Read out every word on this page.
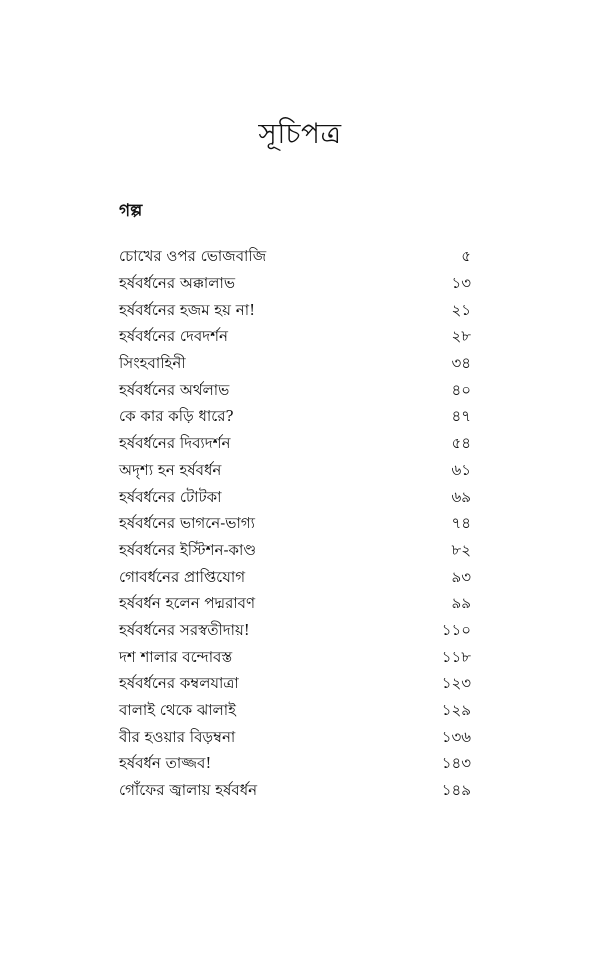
সূচিপত্র
গল্প
চোখের ওপর ভোজবাজি	৫
হর্ষবর্ধনের অক্কালাভ	১৩
হর্ষবর্ধনের হজম হয় না!	২১
হর্ষবর্ধনের দেবদর্শন	২৮
সিংহবাহিনী	৩৪
হর্ষবর্ধনের অর্থলাভ	৪০
কে কার কড়ি ধারে?	৪৭
হর্ষবর্ধনের দিব্যদর্শন	৫৪
অদৃশ্য হন হর্ষবর্ধন	৬১
হর্ষবর্ধনের টোটকা	৬৯
হর্ষবর্ধনের ভাগনে-ভাগ্য	৭৪
হর্ষবর্ধনের ইস্টিশন-কাণ্ড	৮২
গোবর্ধনের প্রাপ্তিযোগ	৯৩
হর্ষবর্ধন হলেন পদ্মরাবণ	৯৯
হর্ষবর্ধনের সরস্বতীদায়!	১১০
দশ শালার বন্দোবস্ত	১১৮
হর্ষবর্ধনের কম্বলযাত্রা	১২৩
বালাই থেকে ঝালাই	১২৯
বীর হওয়ার বিড়ম্বনা	১৩৬
হর্ষবর্ধন তাজ্জব!	১৪৩
গোঁফের জ্বালায় হর্ষবর্ধন	১৪৯
